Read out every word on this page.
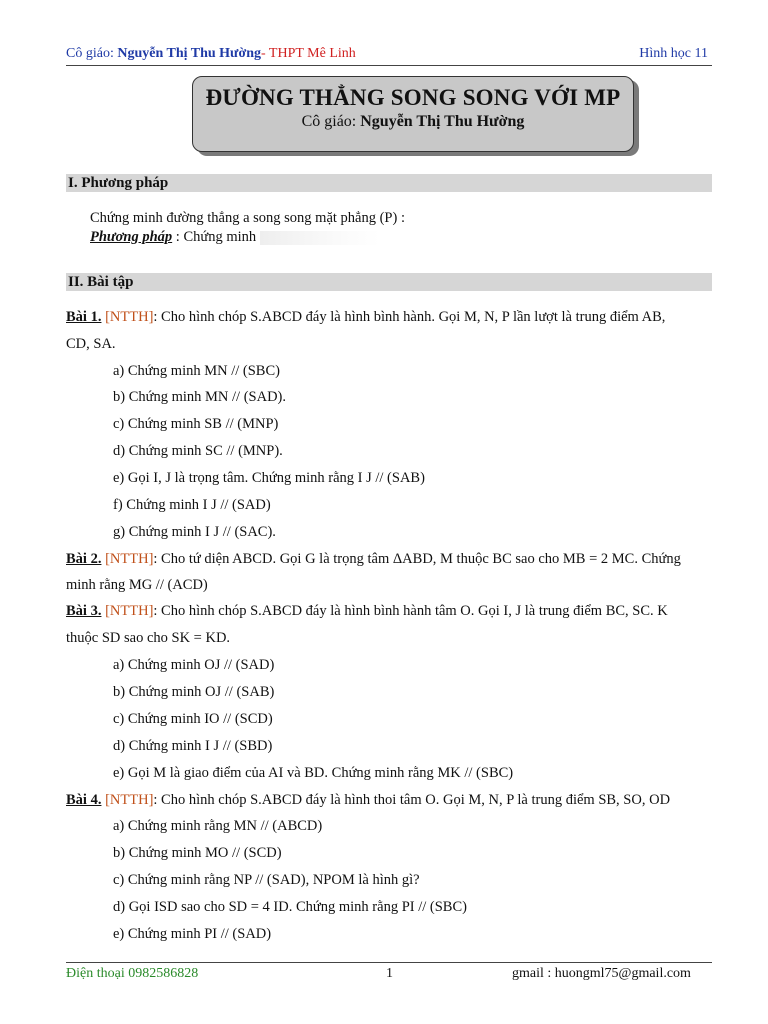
Cô giáo: Nguyễn Thị Thu Hường- THPT Mê Linh	Hình học 11
ĐƯỜNG THẲNG SONG SONG VỚI MP
Cô giáo: Nguyễn Thị Thu Hường
I. Phương pháp
Chứng minh đường thẳng a song song mặt phẳng (P) :
Phương pháp : Chứng minh
II. Bài tập
Bài 1. [NTTH]: Cho hình chóp S.ABCD đáy là hình bình hành. Gọi M, N, P lần lượt là trung điểm AB,
CD, SA.
a) Chứng minh MN // (SBC)
b) Chứng minh MN // (SAD).
c) Chứng minh SB // (MNP)
d) Chứng minh SC // (MNP).
e) Gọi I, J là trọng tâm. Chứng minh rằng I J // (SAB)
f) Chứng minh I J // (SAD)
g) Chứng minh I J // (SAC).
Bài 2. [NTTH]: Cho tứ diện ABCD. Gọi G là trọng tâm ΔABD, M thuộc BC sao cho MB = 2 MC. Chứng
minh rằng MG // (ACD)
Bài 3. [NTTH]: Cho hình chóp S.ABCD đáy là hình bình hành tâm O. Gọi I, J là trung điểm BC, SC. K
thuộc SD sao cho SK = KD.
a) Chứng minh OJ // (SAD)
b) Chứng minh OJ // (SAB)
c) Chứng minh IO // (SCD)
d) Chứng minh I J // (SBD)
e) Gọi M là giao điểm của AI và BD. Chứng minh rằng MK // (SBC)
Bài 4. [NTTH]: Cho hình chóp S.ABCD đáy là hình thoi tâm O. Gọi M, N, P là trung điểm SB, SO, OD
a) Chứng minh rằng MN // (ABCD)
b) Chứng minh MO // (SCD)
c) Chứng minh rằng NP // (SAD), NPOM là hình gì?
d) Gọi ISD sao cho SD = 4 ID. Chứng minh rằng PI // (SBC)
e) Chứng minh PI // (SAD)
Điện thoại 0982586828	1	gmail : huongml75@gmail.com
